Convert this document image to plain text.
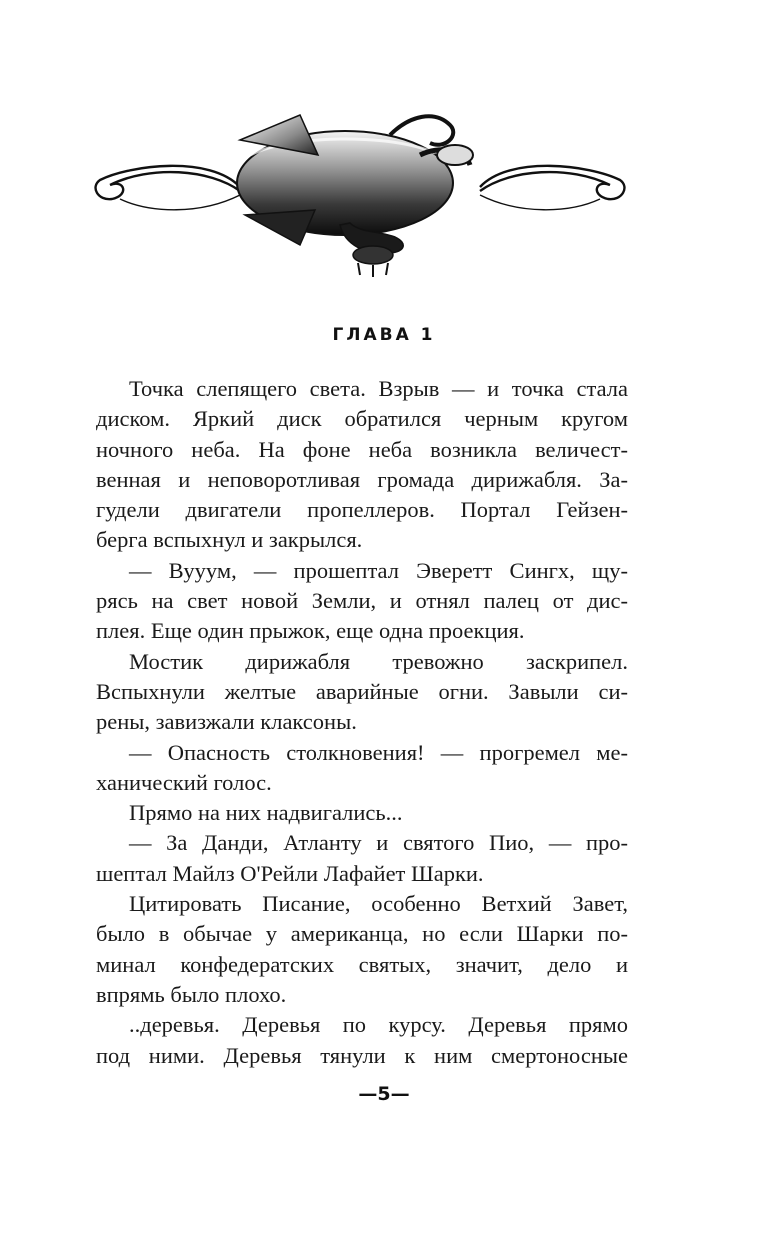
ГЛАВА 1
Точка слепящего света. Взрыв — и точка стала
диском. Яркий диск обратился черным кругом
ночного неба. На фоне неба возникла величест-
венная и неповоротливая громада дирижабля. За-
гудели двигатели пропеллеров. Портал Гейзен-
берга вспыхнул и закрылся.
— Вууум, — прошептал Эверетт Сингх, щу-
рясь на свет новой Земли, и отнял палец от дис-
плея. Еще один прыжок, еще одна проекция.
Мостик дирижабля тревожно заскрипел.
Вспыхнули желтые аварийные огни. Завыли си-
рены, завизжали клаксоны.
— Опасность столкновения! — прогремел ме-
ханический голос.
Прямо на них надвигались...
— За Данди, Атланту и святого Пио, — про-
шептал Майлз О'Рейли Лафайет Шарки.
Цитировать Писание, особенно Ветхий Завет,
было в обычае у американца, но если Шарки по-
минал конфедератских святых, значит, дело и
впрямь было плохо.
..деревья. Деревья по курсу. Деревья прямо
под ними. Деревья тянули к ним смертоносные
—5—
